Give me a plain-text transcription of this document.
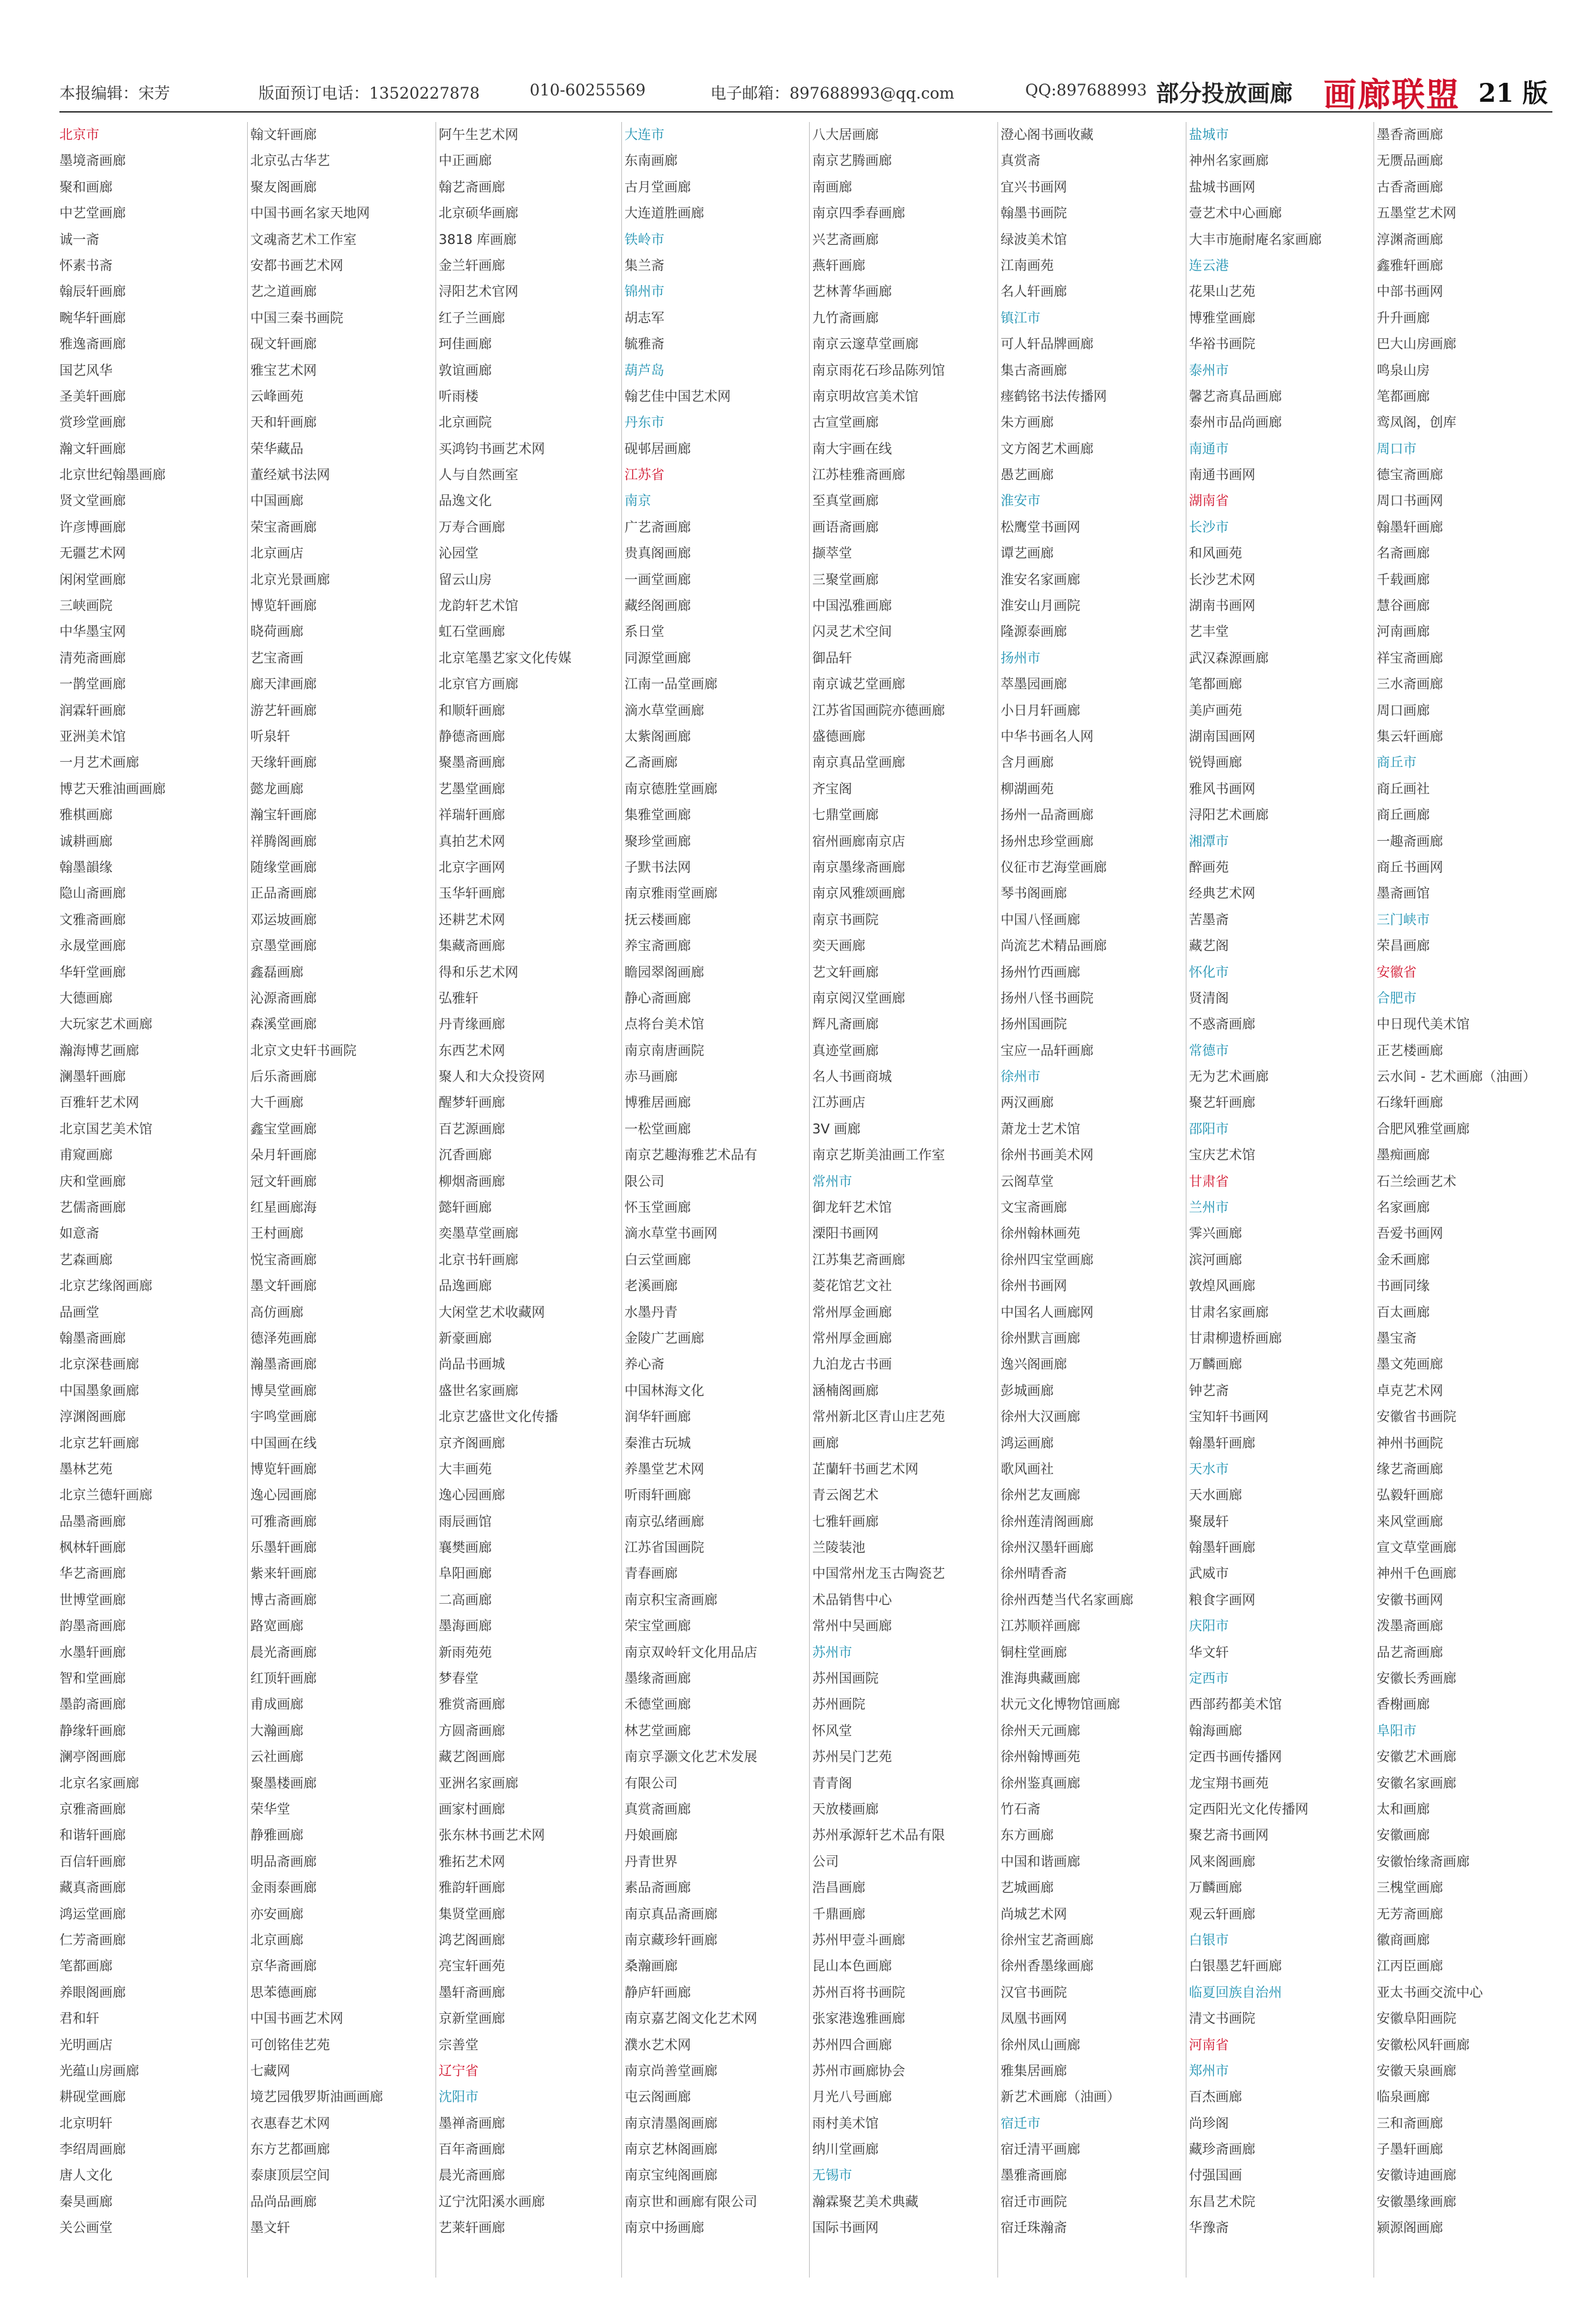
本报编辑：宋芳	版面预订电话：13520227878	010-60255569	电子邮箱：897688993@qq.com	QQ:897688993 部分投放画廊 画廊联盟 21 版
北京市
墨境斋画廊
聚和画廊
中艺堂画廊
诚一斋
怀素书斋
翰辰轩画廊
畹华轩画廊
雅逸斋画廊
国艺风华
圣美轩画廊
赏珍堂画廊
瀚文轩画廊
北京世纪翰墨画廊
贤文堂画廊
许彦博画廊
无疆艺术网
闲闲堂画廊
三峡画院
中华墨宝网
清苑斋画廊
一鹊堂画廊
润霖轩画廊
亚洲美术馆
一月艺术画廊
博艺天雅油画画廊
雅棋画廊
诚耕画廊
翰墨韻缘
隐山斋画廊
文雅斋画廊
永晟堂画廊
华轩堂画廊
大德画廊
大玩家艺术画廊
瀚海博艺画廊
澜墨轩画廊
百雅轩艺术网
北京国艺美术馆
甫窥画廊
庆和堂画廊
艺儒斋画廊
如意斋
艺森画廊
北京艺缘阁画廊
品画堂
翰墨斋画廊
北京深巷画廊
中国墨象画廊
淳渊阁画廊
北京艺轩画廊
墨林艺苑
北京兰德轩画廊
品墨斋画廊
枫林轩画廊
华艺斋画廊
世博堂画廊
韵墨斋画廊
水墨轩画廊
智和堂画廊
墨韵斋画廊
静缘轩画廊
澜亭阁画廊
北京名家画廊
京雅斋画廊
和谐轩画廊
百信轩画廊
藏真斋画廊
鸿运堂画廊
仁芳斋画廊
笔都画廊
养眼阁画廊
君和轩
光明画店
光蕴山房画廊
耕砚堂画廊
北京明轩
李绍周画廊
唐人文化
秦昊画廊
关公画堂
翰文轩画廊
北京弘古华艺
聚友阁画廊
中国书画名家天地网
文魂斋艺术工作室
安都书画艺术网
艺之道画廊
中国三秦书画院
砚文轩画廊
雅宝艺术网
云峰画苑
天和轩画廊
荣华藏品
董经斌书法网
中国画廊
荣宝斋画廊
北京画店
北京光景画廊
博览轩画廊
晓荷画廊
艺宝斋画
廊天津画廊
游艺轩画廊
听泉轩
天缘轩画廊
懿龙画廊
瀚宝轩画廊
祥腾阁画廊
随缘堂画廊
正品斋画廊
邓运坡画廊
京墨堂画廊
鑫磊画廊
沁源斋画廊
森溪堂画廊
北京文史轩书画院
后乐斋画廊
大千画廊
鑫宝堂画廊
朵月轩画廊
冠文轩画廊
红星画廊海
王村画廊
悦宝斋画廊
墨文轩画廊
高仿画廊
德泽苑画廊
瀚墨斋画廊
博昊堂画廊
宇鸣堂画廊
中国画在线
博览轩画廊
逸心园画廊
可雅斋画廊
乐墨轩画廊
紫来轩画廊
博古斋画廊
路宽画廊
晨光斋画廊
红顶轩画廊
甫成画廊
大瀚画廊
云社画廊
聚墨楼画廊
荣华堂
静雅画廊
明品斋画廊
金雨泰画廊
亦安画廊
北京画廊
京华斋画廊
思苯德画廊
中国书画艺术网
可创铭佳艺苑
七藏网
境艺园俄罗斯油画画廊
衣惠春艺术网
东方艺都画廊
泰康顶层空间
品尚品画廊
墨文轩
阿午生艺术网
中正画廊
翰艺斋画廊
北京硕华画廊
3818 库画廊
金兰轩画廊
浔阳艺术官网
红子兰画廊
珂佳画廊
敦谊画廊
听雨楼
北京画院
买鸿钧书画艺术网
人与自然画室
品逸文化
万寿合画廊
沁园堂
留云山房
龙韵轩艺术馆
虹石堂画廊
北京笔墨艺家文化传媒
北京官方画廊
和顺轩画廊
静德斋画廊
聚墨斋画廊
艺墨堂画廊
祥瑞轩画廊
真拍艺术网
北京字画网
玉华轩画廊
还耕艺术网
集藏斋画廊
得和乐艺术网
弘雅轩
丹青缘画廊
东西艺术网
聚人和大众投资网
醒梦轩画廊
百艺源画廊
沉香画廊
柳烟斋画廊
懿轩画廊
奕墨草堂画廊
北京书轩画廊
品逸画廊
大闲堂艺术收藏网
新豪画廊
尚品书画城
盛世名家画廊
北京艺盛世文化传播
京齐阁画廊
大丰画苑
逸心园画廊
雨辰画馆
襄樊画廊
阜阳画廊
二高画廊
墨海画廊
新雨苑苑
梦春堂
雅赏斋画廊
方圆斋画廊
藏艺阁画廊
亚洲名家画廊
画家村画廊
张东林书画艺术网
雅拓艺术网
雅韵轩画廊
集贤堂画廊
鸿艺阁画廊
亮宝轩画苑
墨轩斋画廊
京新堂画廊
宗善堂
辽宁省
沈阳市
墨禅斋画廊
百年斋画廊
晨光斋画廊
辽宁沈阳溪水画廊
艺莱轩画廊
大连市
东南画廊
古月堂画廊
大连道胜画廊
铁岭市
集兰斋
锦州市
胡志军
毓雅斋
葫芦岛
翰艺佳中国艺术网
丹东市
砚邨居画廊
江苏省
南京
广艺斋画廊
贵真阁画廊
一画堂画廊
藏经阁画廊
系日堂
同源堂画廊
江南一品堂画廊
滴水草堂画廊
太紫阁画廊
乙斋画廊
南京德胜堂画廊
集雅堂画廊
聚珍堂画廊
子默书法网
南京雅雨堂画廊
抚云楼画廊
养宝斋画廊
瞻园翠阁画廊
静心斋画廊
点将台美术馆
南京南唐画院
赤马画廊
博雅居画廊
一松堂画廊
南京艺趣海雅艺术品有
限公司
怀玉堂画廊
滴水草堂书画网
白云堂画廊
老溪画廊
水墨丹青
金陵广艺画廊
养心斋
中国林海文化
润华轩画廊
秦淮古玩城
养墨堂艺术网
听雨轩画廊
南京弘绪画廊
江苏省国画院
青春画廊
南京积宝斋画廊
荣宝堂画廊
南京双岭轩文化用品店
墨缘斋画廊
禾德堂画廊
林艺堂画廊
南京孚灏文化艺术发展
有限公司
真赏斋画廊
丹娘画廊
丹青世界
素品斋画廊
南京真品斋画廊
南京藏珍轩画廊
桑瀚画廊
静庐轩画廊
南京嘉艺阁文化艺术网
濮水艺术网
南京尚善堂画廊
屯云阁画廊
南京清墨阁画廊
南京艺林阁画廊
南京宝纯阁画廊
南京世和画廊有限公司
南京中扬画廊
八大居画廊
南京艺腾画廊
南画廊
南京四季春画廊
兴艺斋画廊
燕轩画廊
艺林菁华画廊
九竹斋画廊
南京云邃草堂画廊
南京雨花石珍品陈列馆
南京明故宫美术馆
古宣堂画廊
南大宇画在线
江苏桂雅斋画廊
至真堂画廊
画语斋画廊
撷萃堂
三聚堂画廊
中国泓雅画廊
闪灵艺术空间
御品轩
南京诚艺堂画廊
江苏省国画院亦德画廊
盛德画廊
南京真品堂画廊
齐宝阁
七鼎堂画廊
宿州画廊南京店
南京墨缘斋画廊
南京风雅颂画廊
南京书画院
奕天画廊
艺文轩画廊
南京阅汉堂画廊
辉凡斋画廊
真迹堂画廊
名人书画商城
江苏画店
3V 画廊
南京艺斯美油画工作室
常州市
御龙轩艺术馆
溧阳书画网
江苏集艺斋画廊
菱花馆艺文社
常州厚金画廊
常州厚金画廊
九泊龙古书画
涵楠阁画廊
常州新北区青山庄艺苑
画廊
芷蘭轩书画艺术网
青云阁艺术
七雅轩画廊
兰陵装池
中国常州龙玉古陶瓷艺
术品销售中心
常州中吴画廊
苏州市
苏州国画院
苏州画院
怀风堂
苏州吴门艺苑
青青阁
天放楼画廊
苏州承源轩艺术品有限
公司
浩昌画廊
千鼎画廊
苏州甲壹斗画廊
昆山本色画廊
苏州百将书画院
张家港逸雅画廊
苏州四合画廊
苏州市画廊协会
月光八号画廊
雨村美术馆
纳川堂画廊
无锡市
瀚霖聚艺美术典藏
国际书画网
澄心阁书画收藏
真赏斋
宜兴书画网
翰墨书画院
绿波美术馆
江南画苑
名人轩画廊
镇江市
可人轩品牌画廊
集古斋画廊
瘗鹤铭书法传播网
朱方画廊
文方阁艺术画廊
愚艺画廊
淮安市
松鹰堂书画网
谭艺画廊
淮安名家画廊
淮安山月画院
隆源泰画廊
扬州市
萃墨园画廊
小日月轩画廊
中华书画名人网
含月画廊
柳湖画苑
扬州一品斋画廊
扬州忠珍堂画廊
仪征市艺海堂画廊
琴书阁画廊
中国八怪画廊
尚流艺术精品画廊
扬州竹西画廊
扬州八怪书画院
扬州国画院
宝应一品轩画廊
徐州市
两汉画廊
萧龙士艺术馆
徐州书画美术网
云阁草堂
文宝斋画廊
徐州翰林画苑
徐州四宝堂画廊
徐州书画网
中国名人画廊网
徐州默言画廊
逸兴阁画廊
彭城画廊
徐州大汉画廊
鸿运画廊
歌风画社
徐州艺友画廊
徐州莲清阁画廊
徐州汉墨轩画廊
徐州晴香斋
徐州西楚当代名家画廊
江苏顺祥画廊
铜柱堂画廊
淮海典藏画廊
状元文化博物馆画廊
徐州天元画廊
徐州翰博画苑
徐州鉴真画廊
竹石斋
东方画廊
中国和谐画廊
艺城画廊
尚城艺术网
徐州宝艺斋画廊
徐州香墨缘画廊
汉官书画院
凤凰书画网
徐州凤山画廊
雅集居画廊
新艺术画廊（油画）
宿迁市
宿迁清平画廊
墨雅斋画廊
宿迁市画院
宿迁珠瀚斋
盐城市
神州名家画廊
盐城书画网
壹艺术中心画廊
大丰市施耐庵名家画廊
连云港
花果山艺苑
博雅堂画廊
华裕书画院
泰州市
馨艺斋真品画廊
泰州市品尚画廊
南通市
南通书画网
湖南省
长沙市
和风画苑
长沙艺术网
湖南书画网
艺丰堂
武汉森源画廊
笔都画廊
美庐画苑
湖南国画网
锐锝画廊
雅风书画网
浔阳艺术画廊
湘潭市
醉画苑
经典艺术网
苦墨斋
藏艺阁
怀化市
贤清阁
不惑斋画廊
常德市
无为艺术画廊
聚艺轩画廊
邵阳市
宝庆艺术馆
甘肃省
兰州市
霁兴画廊
滨河画廊
敦煌风画廊
甘肃名家画廊
甘肃柳遗桥画廊
万麟画廊
钟艺斋
宝知轩书画网
翰墨轩画廊
天水市
天水画廊
聚晟轩
翰墨轩画廊
武威市
粮食字画网
庆阳市
华文轩
定西市
西部药都美术馆
翰海画廊
定西书画传播网
龙宝翔书画苑
定西阳光文化传播网
聚艺斋书画网
风来阁画廊
万麟画廊
观云轩画廊
白银市
白银墨艺轩画廊
临夏回族自治州
清文书画院
河南省
郑州市
百杰画廊
尚珍阁
藏珍斋画廊
付强国画
东昌艺术院
华豫斋
墨香斋画廊
无赝品画廊
古香斋画廊
五墨堂艺术网
淳渊斋画廊
鑫雅轩画廊
中部书画网
升升画廊
巴大山房画廊
鸣泉山房
笔都画廊
鸾凤阁，创库
周口市
德宝斋画廊
周口书画网
翰墨轩画廊
名斋画廊
千载画廊
慧谷画廊
河南画廊
祥宝斋画廊
三水斋画廊
周口画廊
集云轩画廊
商丘市
商丘画社
商丘画廊
一趣斋画廊
商丘书画网
墨斋画馆
三门峡市
荣昌画廊
安徽省
合肥市
中日现代美术馆
正艺楼画廊
云水间 - 艺术画廊（油画）
石缘轩画廊
合肥风雅堂画廊
墨痴画廊
石兰绘画艺术
名家画廊
吾爱书画网
金禾画廊
书画同缘
百太画廊
墨宝斋
墨文苑画廊
卓克艺术网
安徽省书画院
神州书画院
缘艺斋画廊
弘毅轩画廊
来风堂画廊
宣文草堂画廊
神州千色画廊
安徽书画网
泼墨斋画廊
品艺斋画廊
安徽长秀画廊
香榭画廊
阜阳市
安徽艺术画廊
安徽名家画廊
太和画廊
安徽画廊
安徽怡缘斋画廊
三槐堂画廊
无芳斋画廊
徽商画廊
江丙臣画廊
亚太书画交流中心
安徽阜阳画院
安徽松风轩画廊
安徽天泉画廊
临泉画廊
三和斋画廊
子墨轩画廊
安徽诗迪画廊
安徽墨缘画廊
颍源阁画廊
